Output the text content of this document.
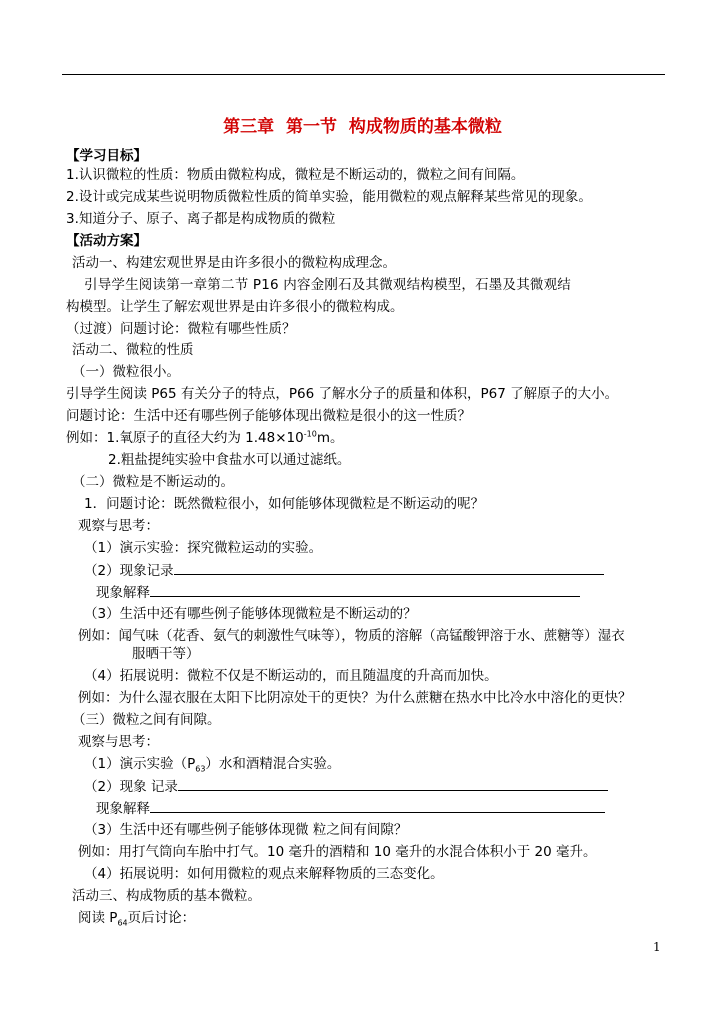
第三章  第一节  构成物质的基本微粒
【学习目标】
1.认识微粒的性质：物质由微粒构成，微粒是不断运动的，微粒之间有间隔。
2.设计或完成某些说明物质微粒性质的简单实验，能用微粒的观点解释某些常见的现象。
3.知道分子、原子、离子都是构成物质的微粒
【活动方案】
活动一、构建宏观世界是由许多很小的微粒构成理念。
引导学生阅读第一章第二节 P16 内容金刚石及其微观结构模型，石墨及其微观结
构模型。让学生了解宏观世界是由许多很小的微粒构成。
（过渡）问题讨论：微粒有哪些性质？
活动二、微粒的性质
（一）微粒很小。
引导学生阅读 P65 有关分子的特点，P66 了解水分子的质量和体积，P67 了解原子的大小。
问题讨论：生活中还有哪些例子能够体现出微粒是很小的这一性质？
例如：1.氧原子的直径大约为 $1.48\times 10^{-10}m$。
2.粗盐提纯实验中食盐水可以通过滤纸。
（二）微粒是不断运动的。
1．问题讨论：既然微粒很小，如何能够体现微粒是不断运动的呢？
观察与思考：
（1）演示实验：探究微粒运动的实验。
（2）现象记录
现象解释
（3）生活中还有哪些例子能够体现微粒是不断运动的？
例如：闻气味（花香、氨气的刺激性气味等），物质的溶解（高锰酸钾溶于水、蔗糖等）湿衣
服晒干等）
（4）拓展说明：微粒不仅是不断运动的，而且随温度的升高而加快。
例如：为什么湿衣服在太阳下比阴凉处干的更快？为什么蔗糖在热水中比冷水中溶化的更快？
（三）微粒之间有间隙。
观察与思考：
（1）演示实验$(P_{63})$水和酒精混合实验。
（2）现象 记录
现象解释
（3）生活中还有哪些例子能够体现微 粒之间有间隙？
例如：用打气筒向车胎中打气。10 毫升的酒精和 10 毫升的水混合体积小于 20 毫升。
（4）拓展说明：如何用微粒的观点来解释物质的三态变化。
活动三、构成物质的基本微粒。
阅读 $P_{64}$页后讨论：
1
